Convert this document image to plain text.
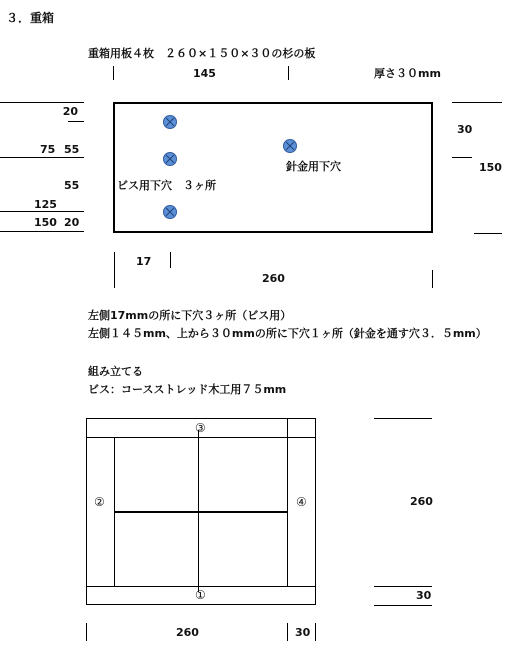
３．重箱
重箱用板４枚　２６０×１５０×３０の杉の板
145	厚さ３０mm
ビス用下穴　３ヶ所
針金用下穴
20
75 55
55
125
150 20
30
150
17
260
左側17mmの所に下穴３ヶ所（ビス用）
左側１４５mm、上から３０mmの所に下穴１ヶ所（針金を通す穴３．５mm）
組み立てる
ビス：コースストレッド木工用７５mm
③
②	④
①
260
30
260	30
